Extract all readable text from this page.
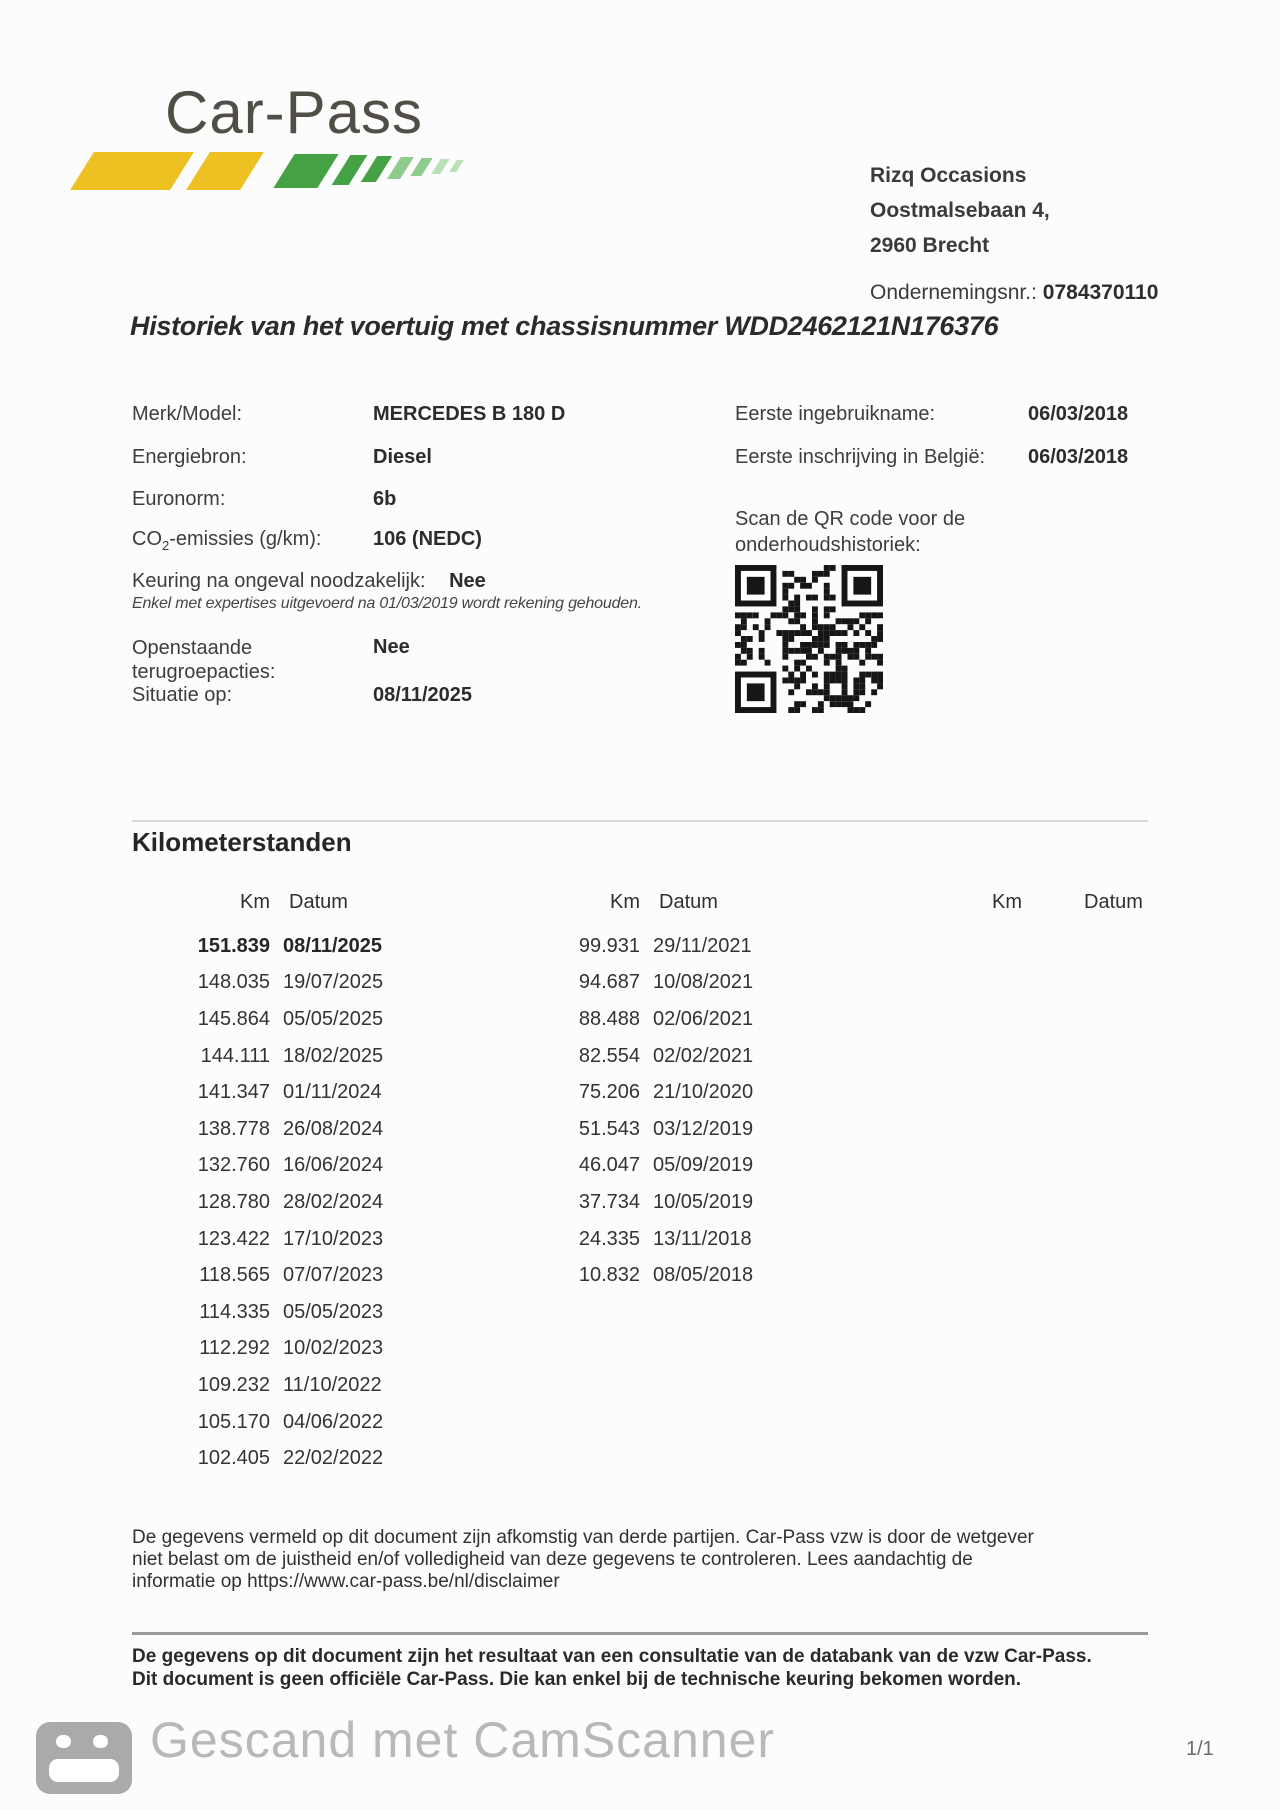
Car-Pass
Rizq Occasions
Oostmalsebaan 4,
2960 Brecht
Ondernemingsnr.: 0784370110
Historiek van het voertuig met chassisnummer WDD2462121N176376
Merk/Model:	MERCEDES B 180 D
Energiebron:	Diesel
Euronorm:	6b
$CO_2$-emissies (g/km):	106 (NEDC)
Keuring na ongeval noodzakelijk: Nee
Enkel met expertises uitgevoerd na 01/03/2019 wordt rekening gehouden.
Openstaande
terugroepacties:
Nee
Situatie op:	08/11/2025
Eerste ingebruikname:	06/03/2018
Eerste inschrijving in België: 06/03/2018
Scan de QR code voor de
onderhoudshistoriek:
Kilometerstanden
Km Datum
151.839 08/11/2025
148.035 19/07/2025
145.864 05/05/2025
144.111 18/02/2025
141.347 01/11/2024
138.778 26/08/2024
132.760 16/06/2024
128.780 28/02/2024
123.422 17/10/2023
118.565 07/07/2023
114.335 05/05/2023
112.292 10/02/2023
109.232 11/10/2022
105.170 04/06/2022
102.405 22/02/2022
Km Datum
99.931 29/11/2021
94.687 10/08/2021
88.488 02/06/2021
82.554 02/02/2021
75.206 21/10/2020
51.543 03/12/2019
46.047 05/09/2019
37.734 10/05/2019
24.335 13/11/2018
10.832 08/05/2018
Km	Datum
De gegevens vermeld op dit document zijn afkomstig van derde partijen. Car-Pass vzw is door de wetgever
niet belast om de juistheid en/of volledigheid van deze gegevens te controleren. Lees aandachtig de
informatie op https://www.car-pass.be/nl/disclaimer
De gegevens op dit document zijn het resultaat van een consultatie van de databank van de vzw Car-Pass.
Dit document is geen officiële Car-Pass. Die kan enkel bij de technische keuring bekomen worden.
Gescand met CamScanner	1/1
